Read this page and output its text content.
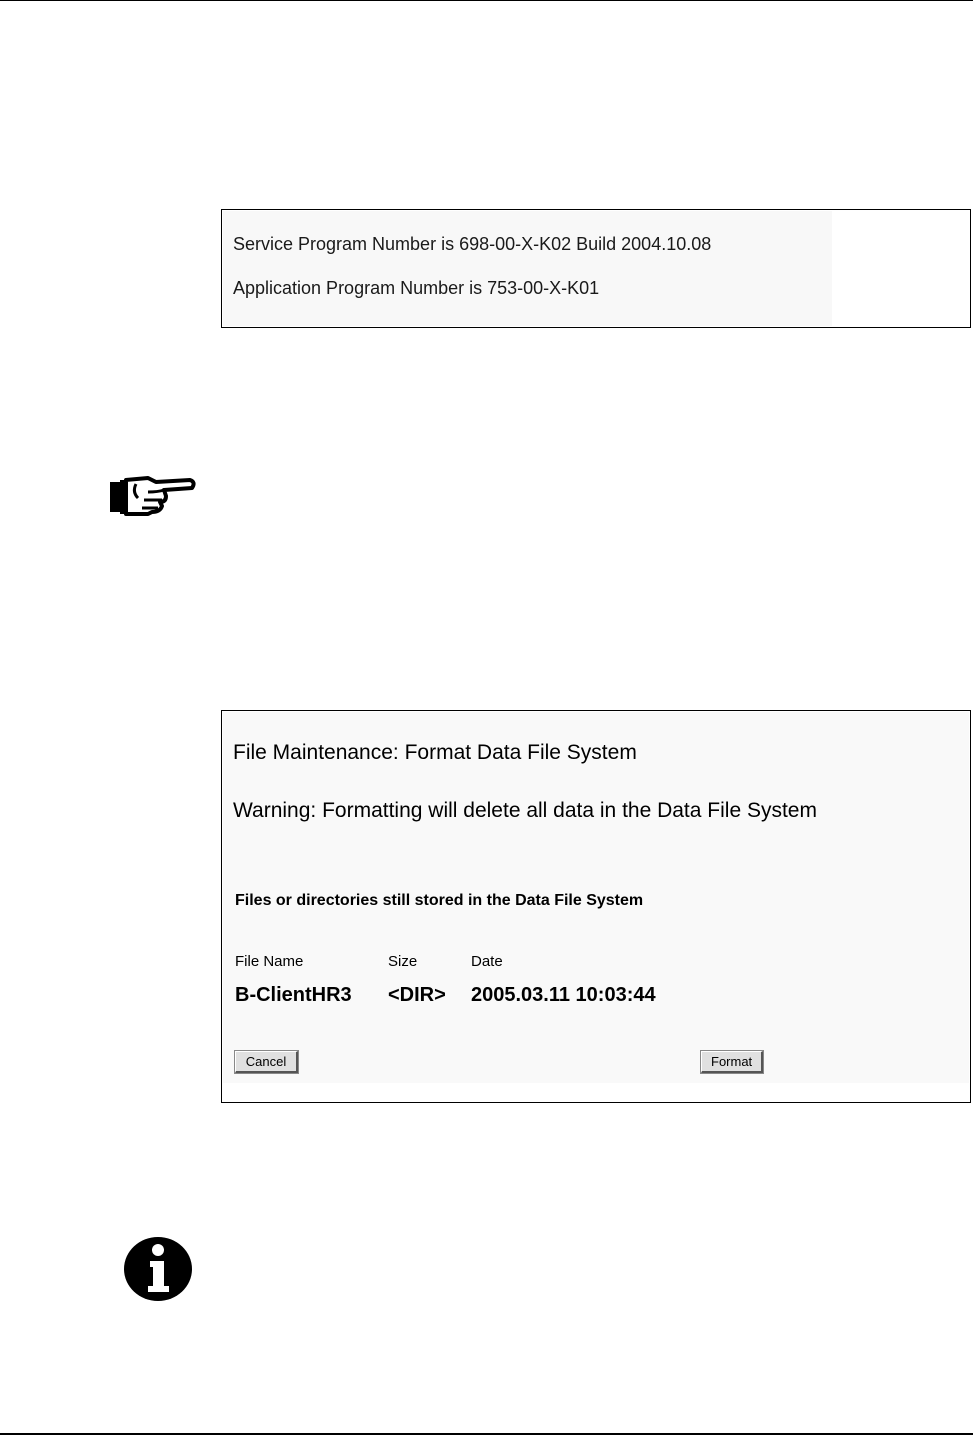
Service Program Number is 698-00-X-K02 Build 2004.10.08
Application Program Number is 753-00-X-K01
File Maintenance: Format Data File System
Warning: Formatting will delete all data in the Data File System
Files or directories still stored in the Data File System
File Name	Size	Date
B-ClientHR3 <DIR> 2005.03.11 10:03:44
Cancel	Format
